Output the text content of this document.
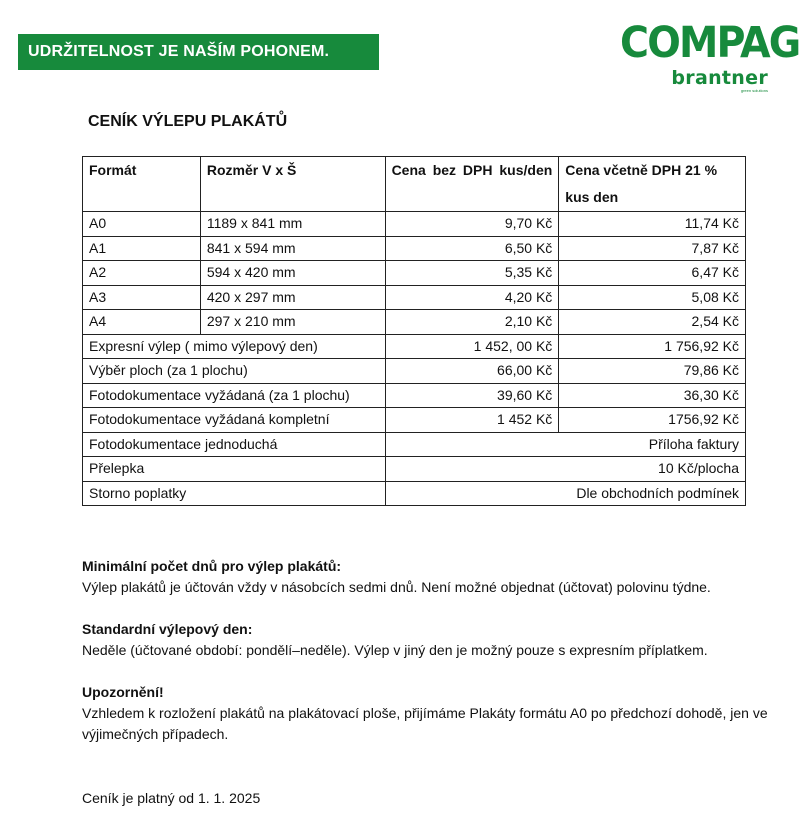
UDRŽITELNOST JE NAŠÍM POHONEM.	COMPAG
brantner
green solutions
CENÍK VÝLEPU PLAKÁTŮ
Formát	Rozměr V x Š	Cena bez DPH kus/den	Cena včetně DPH 21 % kus den
A0	1189 x 841 mm	9,70 Kč	11,74 Kč
A1	841 x 594 mm	6,50 Kč	7,87 Kč
A2	594 x 420 mm	5,35 Kč	6,47 Kč
A3	420 x 297 mm	4,20 Kč	5,08 Kč
A4	297 x 210 mm	2,10 Kč	2,54 Kč
Expresní výlep ( mimo výlepový den)		1 452, 00 Kč	1 756,92 Kč
Výběr ploch (za 1 plochu)		66,00 Kč	79,86 Kč
Fotodokumentace vyžádaná (za 1 plochu)		39,60 Kč	36,30 Kč
Fotodokumentace vyžádaná kompletní		1 452 Kč	1756,92 Kč
Fotodokumentace jednoduchá		Příloha faktury	
Přelepka		10 Kč/plocha	
Storno poplatky		Dle obchodních podmínek	
Minimální počet dnů pro výlep plakátů:
Výlep plakátů je účtován vždy v násobcích sedmi dnů. Není možné objednat (účtovat) polovinu týdne.
Standardní výlepový den:
Neděle (účtované období: pondělí–neděle). Výlep v jiný den je možný pouze s expresním příplatkem.
Upozornění!
Vzhledem k rozložení plakátů na plakátovací ploše, přijímáme Plakáty formátu A0 po předchozí dohodě, jen ve výjimečných případech.
Ceník je platný od 1. 1. 2025
